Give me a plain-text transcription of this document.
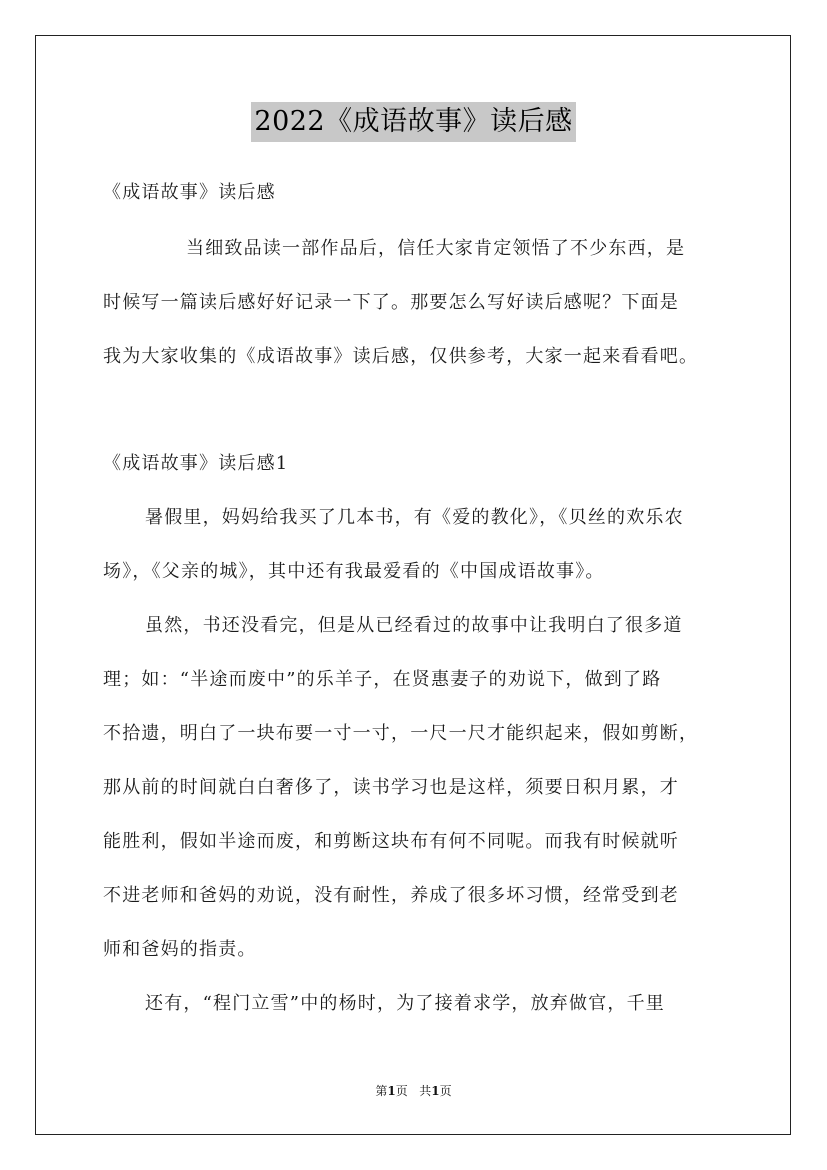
2022《成语故事》读后感
《成语故事》读后感
当细致品读一部作品后，信任大家肯定领悟了不少东西，是
时候写一篇读后感好好记录一下了。那要怎么写好读后感呢？下面是
我为大家收集的《成语故事》读后感，仅供参考，大家一起来看看吧。
《成语故事》读后感1
暑假里，妈妈给我买了几本书，有《爱的教化》，《贝丝的欢乐农
场》，《父亲的城》，其中还有我最爱看的《中国成语故事》。
虽然，书还没看完，但是从已经看过的故事中让我明白了很多道
理；如：“半途而废中”的乐羊子，在贤惠妻子的劝说下，做到了路
不拾遗，明白了一块布要一寸一寸，一尺一尺才能织起来，假如剪断，
那从前的时间就白白奢侈了，读书学习也是这样，须要日积月累，才
能胜利，假如半途而废，和剪断这块布有何不同呢。而我有时候就听
不进老师和爸妈的劝说，没有耐性，养成了很多坏习惯，经常受到老
师和爸妈的指责。
还有，“程门立雪”中的杨时，为了接着求学，放弃做官，千里
第1页 共1页
